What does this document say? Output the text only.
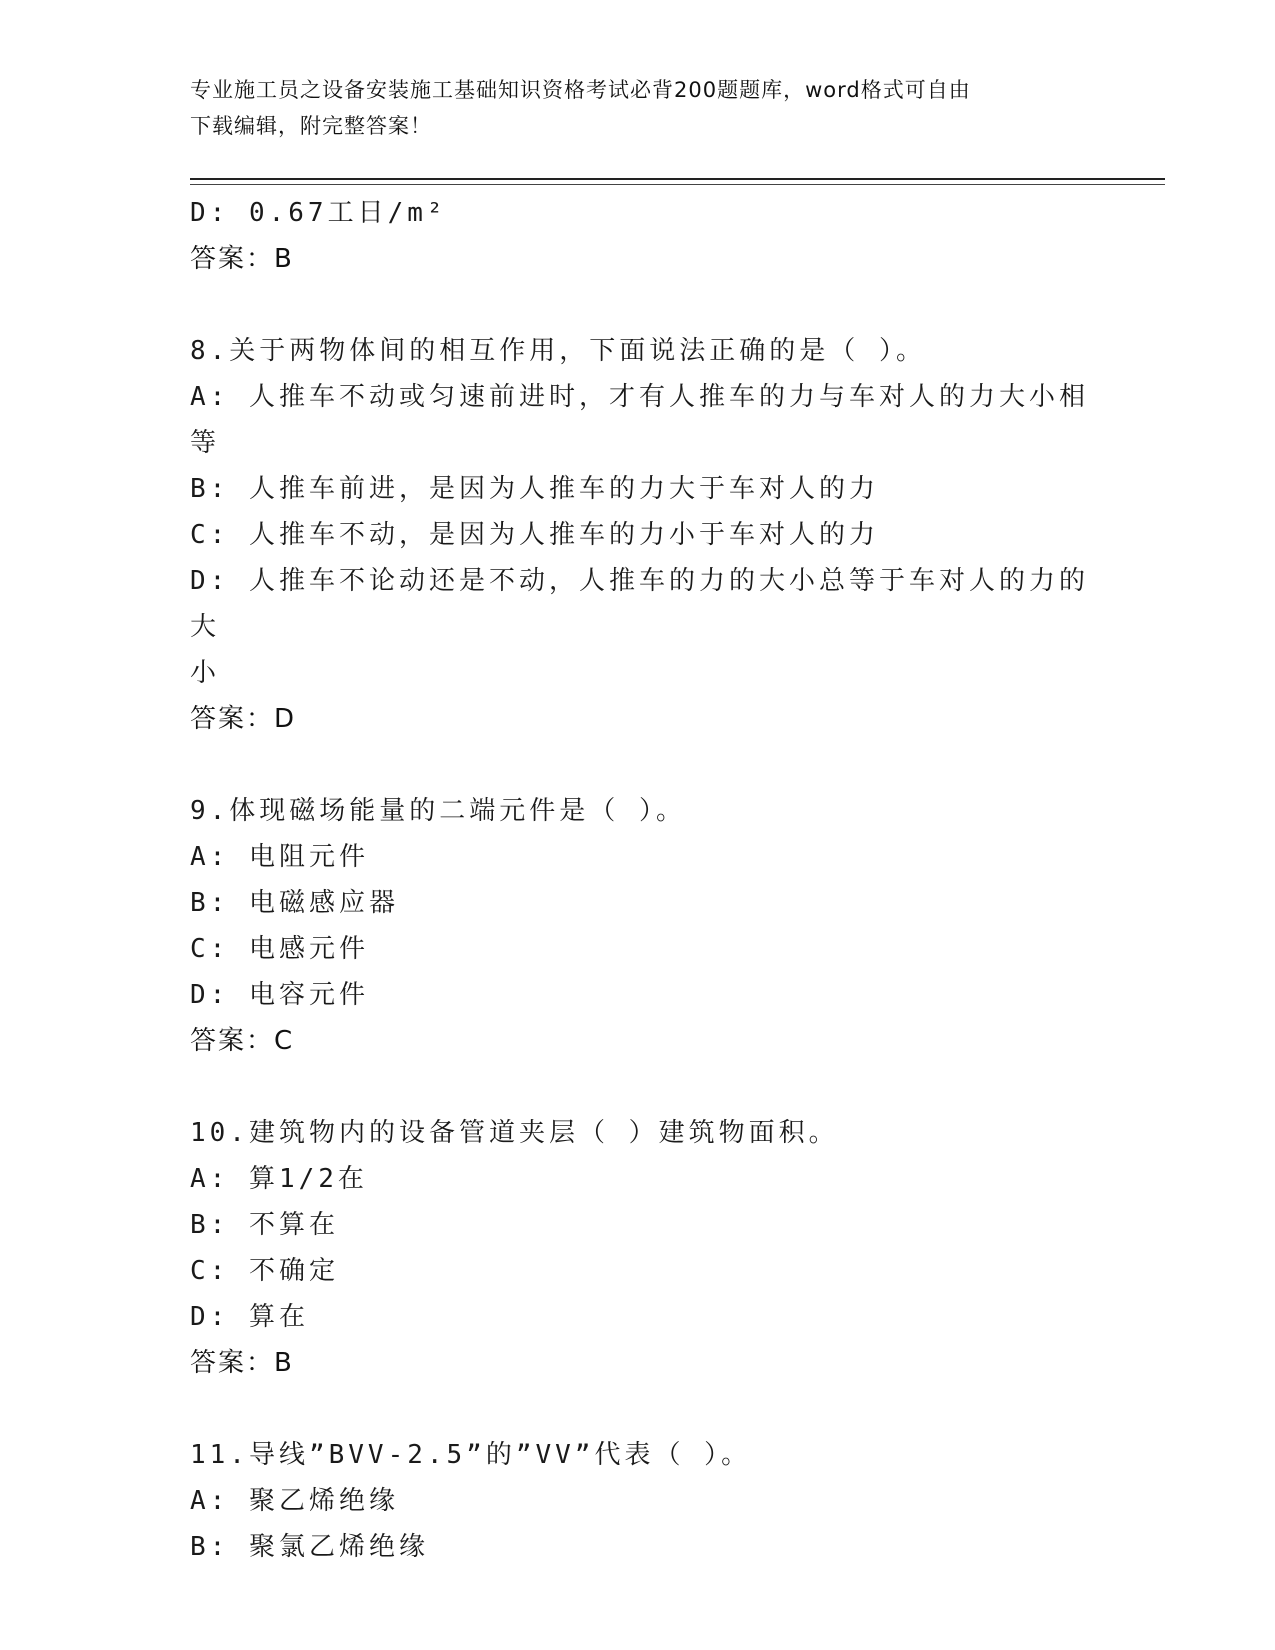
专业施工员之设备安装施工基础知识资格考试必背200题题库，word格式可自由
下载编辑，附完整答案！
D: 0.67工日/m²
答案：B
8.关于两物体间的相互作用，下面说法正确的是（ ）。
A: 人推车不动或匀速前进时，才有人推车的力与车对人的力大小相等
B: 人推车前进，是因为人推车的力大于车对人的力
C: 人推车不动，是因为人推车的力小于车对人的力
D: 人推车不论动还是不动，人推车的力的大小总等于车对人的力的大
小
答案：D
9.体现磁场能量的二端元件是（ ）。
A: 电阻元件
B: 电磁感应器
C: 电感元件
D: 电容元件
答案：C
10.建筑物内的设备管道夹层（ ）建筑物面积。
A: 算1/2在
B: 不算在
C: 不确定
D: 算在
答案：B
11.导线”BVV-2.5”的”VV”代表（ ）。
A: 聚乙烯绝缘
B: 聚氯乙烯绝缘
